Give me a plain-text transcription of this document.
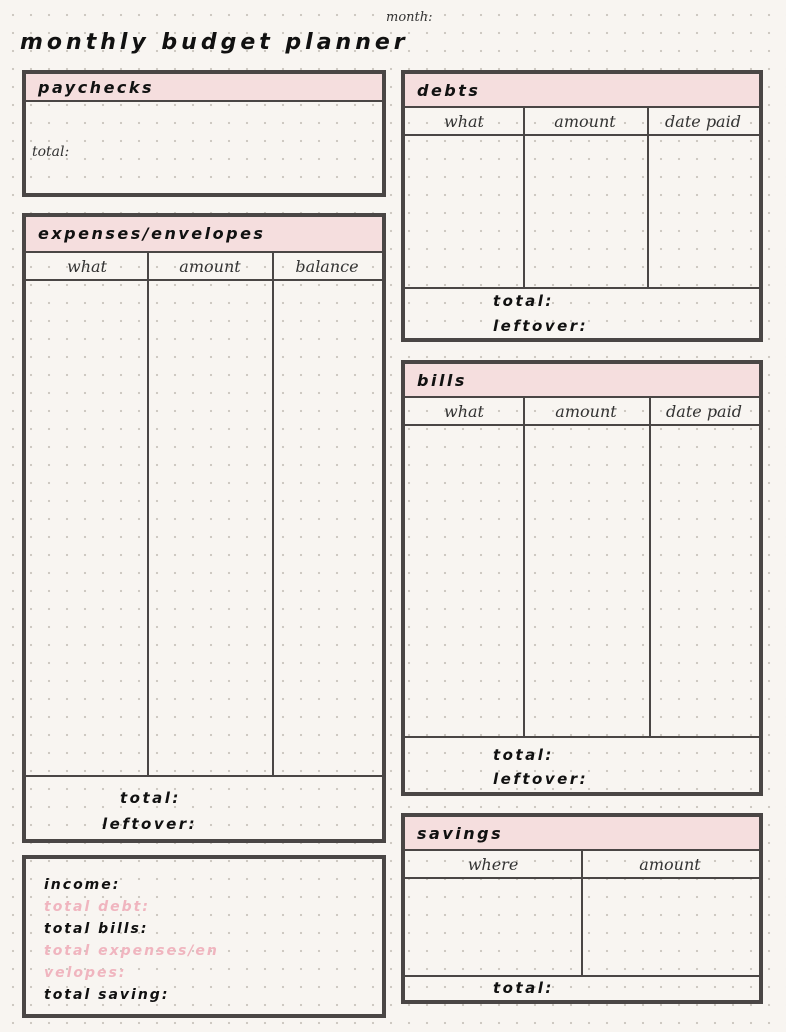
month:
monthly budget planner
paychecks
total:
expenses/envelopes
what	amount	balance
total:
leftover:
income:
total debt:
total bills:
total expenses/en
velopes:
total saving:
debts
what	amount	date paid
total:
leftover:
bills
what	amount	date paid
total:
leftover:
savings
where	amount
total:
